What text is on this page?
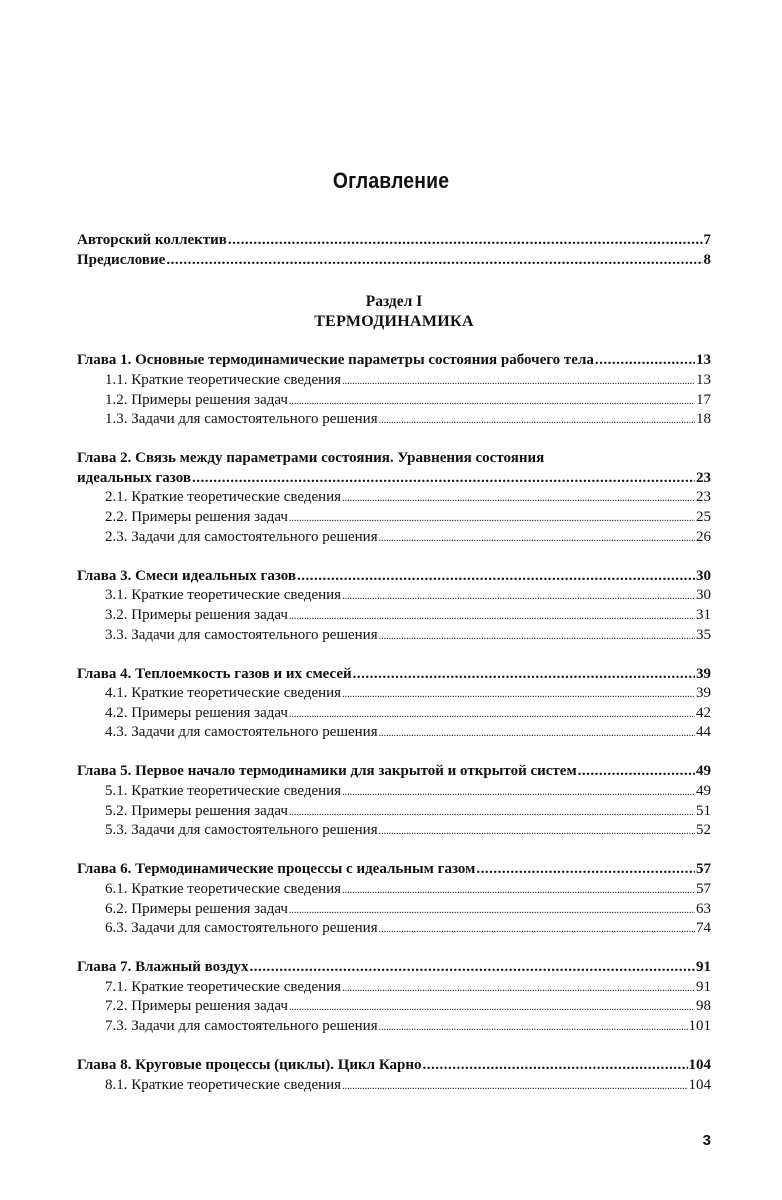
Оглавление
Авторский коллектив .....	7
Предисловие .....	8
Раздел I
ТЕРМОДИНАМИКА
Глава 1. Основные термодинамические параметры состояния рабочего тела .....	13
1.1. Краткие теоретические сведения .....	13
1.2. Примеры решения задач .....	17
1.3. Задачи для самостоятельного решения .....	18
Глава 2. Связь между параметрами состояния. Уравнения состояния
идеальных газов .....	23
2.1. Краткие теоретические сведения .....	23
2.2. Примеры решения задач .....	25
2.3. Задачи для самостоятельного решения .....	26
Глава 3. Смеси идеальных газов .....	30
3.1. Краткие теоретические сведения .....	30
3.2. Примеры решения задач .....	31
3.3. Задачи для самостоятельного решения .....	35
Глава 4. Теплоемкость газов и их смесей .....	39
4.1. Краткие теоретические сведения .....	39
4.2. Примеры решения задач .....	42
4.3. Задачи для самостоятельного решения .....	44
Глава 5. Первое начало термодинамики для закрытой и открытой систем .....	49
5.1. Краткие теоретические сведения .....	49
5.2. Примеры решения задач .....	51
5.3. Задачи для самостоятельного решения .....	52
Глава 6. Термодинамические процессы с идеальным газом .....	57
6.1. Краткие теоретические сведения .....	57
6.2. Примеры решения задач .....	63
6.3. Задачи для самостоятельного решения .....	74
Глава 7. Влажный воздух .....	91
7.1. Краткие теоретические сведения .....	91
7.2. Примеры решения задач .....	98
7.3. Задачи для самостоятельного решения .....	101
Глава 8. Круговые процессы (циклы). Цикл Карно .....	104
8.1. Краткие теоретические сведения .....	104
3
